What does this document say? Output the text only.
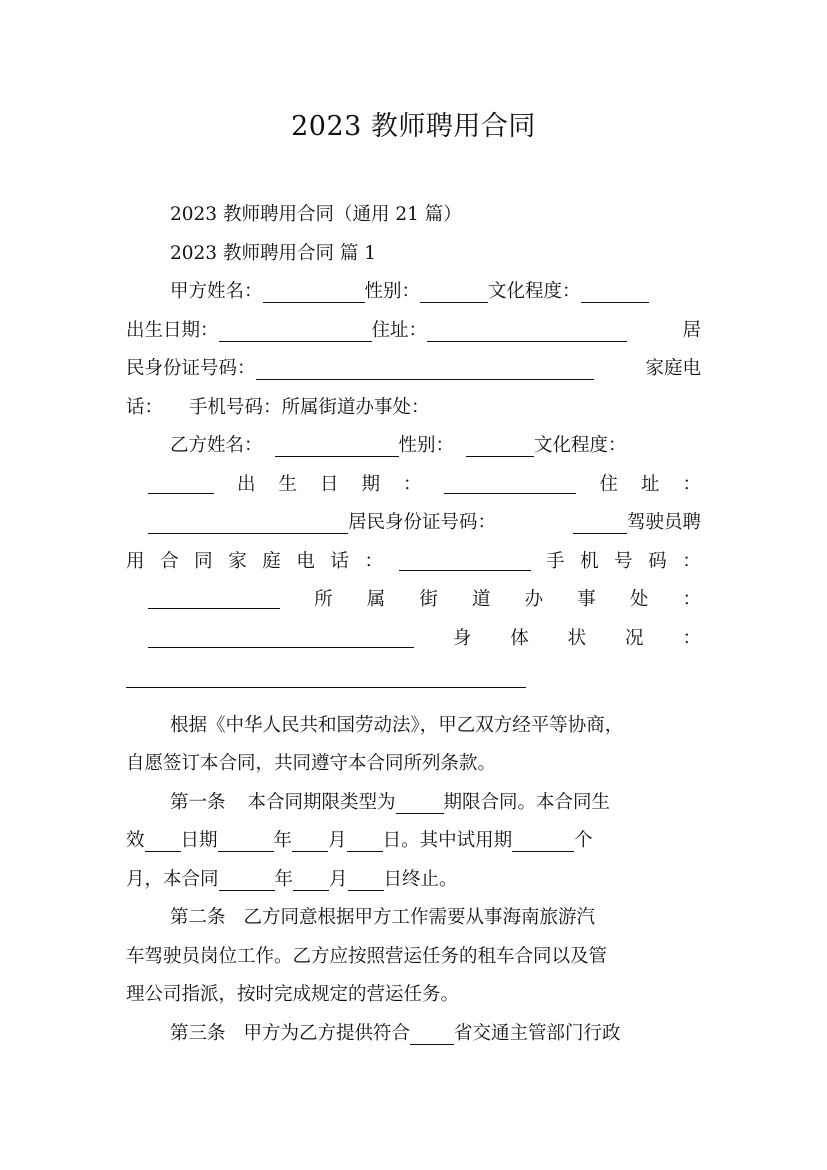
2023 教师聘用合同
2023 教师聘用合同（通用 21 篇）
2023 教师聘用合同 篇 1
甲方姓名：	性别：	文化程度：
出生日期：	住址：	居
民身份证号码：	家庭电
话： 手机号码：所属街道办事处：
乙方姓名：	性别：	文化程度：
出 生 日 期 ：	住 址 ：
居民身份证号码：	驾驶员聘
用 合 同 家 庭 电 话 ：	手 机 号 码 ：
所 属 街 道 办 事 处 ：
身 体 状 况 ：
根据《中华人民共和国劳动法》，甲乙双方经平等协商，
自愿签订本合同，共同遵守本合同所列条款。
第一条 本合同期限类型为	期限合同。本合同生
效 日期	年 月 日。其中试用期	个
月，本合同	年 月 日终止。
第二条 乙方同意根据甲方工作需要从事海南旅游汽
车驾驶员岗位工作。乙方应按照营运任务的租车合同以及管
理公司指派，按时完成规定的营运任务。
第三条 甲方为乙方提供符合 省交通主管部门行政
